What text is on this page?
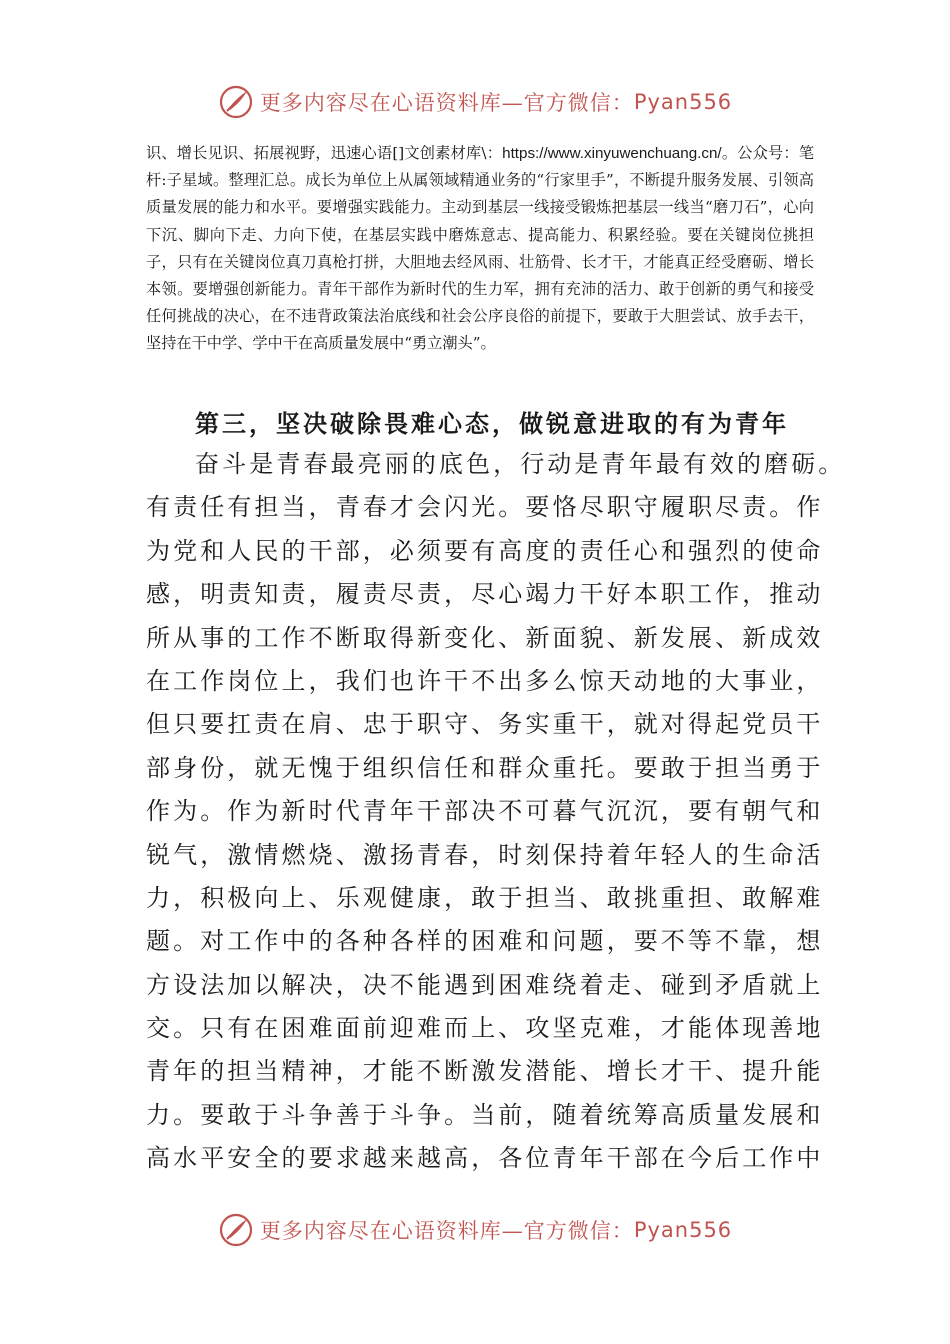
更多内容尽在心语资料库—官方微信： Pyan556

识、增长见识、拓展视野，迅速心语[]文创素材库\：https://www.xinyuwenchuang.cn/。公众号：笔杆:子星域。整理汇总。成长为单位上从属领域精通业务的“行家里手”，不断提升服务发展、引领高质量发展的能力和水平。要增强实践能力。主动到基层一线接受锻炼把基层一线当“磨刀石”，心向下沉、脚向下走、力向下使，在基层实践中磨炼意志、提高能力、积累经验。要在关键岗位挑担子，只有在关键岗位真刀真枪打拼，大胆地去经风雨、壮筋骨、长才干，才能真正经受磨砺、增长本领。要增强创新能力。青年干部作为新时代的生力军，拥有充沛的活力、敢于创新的勇气和接受任何挑战的决心，在不违背政策法治底线和社会公序良俗的前提下，要敢于大胆尝试、放手去干，坚持在干中学、学中干在高质量发展中“勇立潮头”。

第三，坚决破除畏难心态，做锐意进取的有为青年
奋斗是青春最亮丽的底色，行动是青年最有效的磨砺。
有责任有担当，青春才会闪光。要恪尽职守履职尽责。作
为党和人民的干部，必须要有高度的责任心和强烈的使命
感，明责知责，履责尽责，尽心竭力干好本职工作，推动
所从事的工作不断取得新变化、新面貌、新发展、新成效
在工作岗位上，我们也许干不出多么惊天动地的大事业，
但只要扛责在肩、忠于职守、务实重干，就对得起党员干
部身份，就无愧于组织信任和群众重托。要敢于担当勇于
作为。作为新时代青年干部决不可暮气沉沉，要有朝气和
锐气，激情燃烧、激扬青春，时刻保持着年轻人的生命活
力，积极向上、乐观健康，敢于担当、敢挑重担、敢解难
题。对工作中的各种各样的困难和问题，要不等不靠，想
方设法加以解决，决不能遇到困难绕着走、碰到矛盾就上
交。只有在困难面前迎难而上、攻坚克难，才能体现善地
青年的担当精神，才能不断激发潜能、增长才干、提升能
力。要敢于斗争善于斗争。当前，随着统筹高质量发展和
高水平安全的要求越来越高，各位青年干部在今后工作中
更多内容尽在心语资料库—官方微信： Pyan556
